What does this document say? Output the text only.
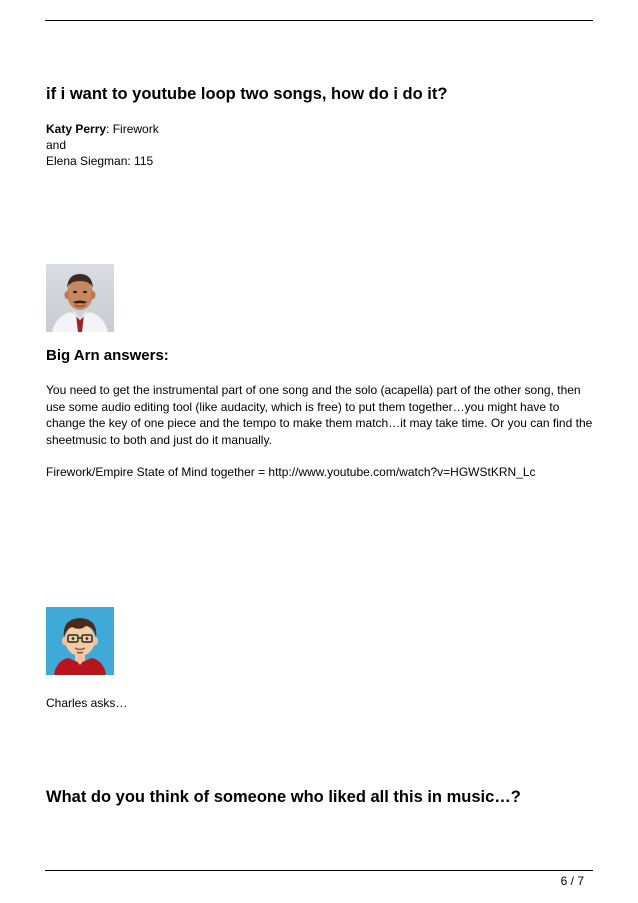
if i want to youtube loop two songs, how do i do it?
Katy Perry: Firework
and
Elena Siegman: 115
Big Arn answers:

You need to get the instrumental part of one song and the solo (acapella) part of the other song, then use some audio editing tool (like audacity, which is free) to put them together…you might have to change the key of one piece and the tempo to make them match…it may take time. Or you can find the sheetmusic to both and just do it manually.

Firework/Empire State of Mind together = http://www.youtube.com/watch?v=HGWStKRN_Lc

Charles asks…

What do you think of someone who liked all this in music…?
6 / 7
